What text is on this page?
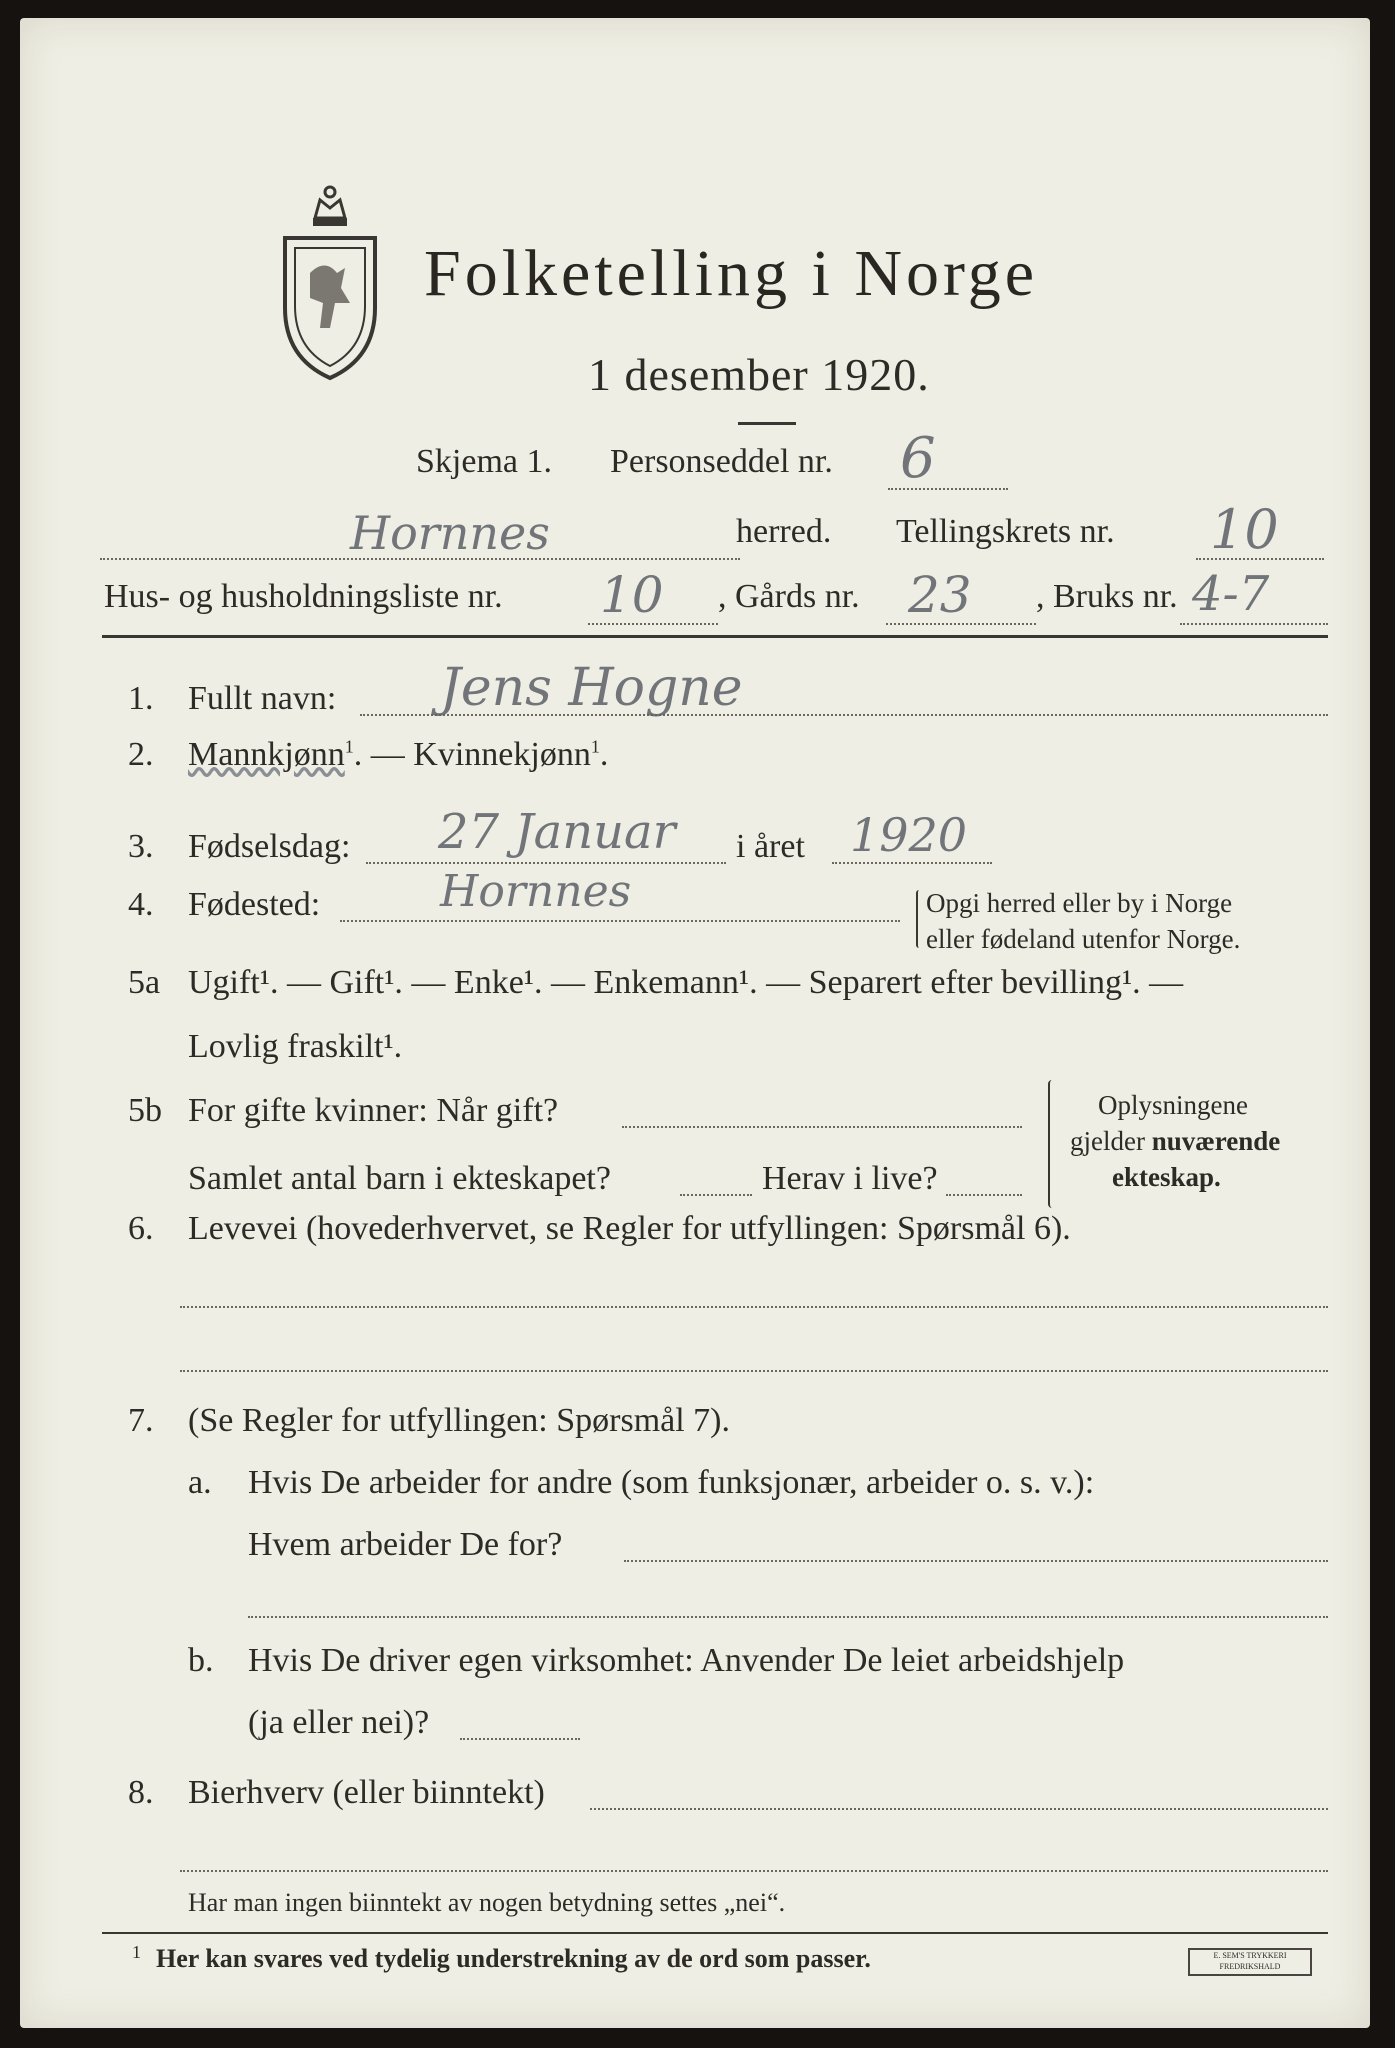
Folketelling i Norge
1 desember 1920.
Skjema 1. Personseddel nr. 6
Hornnes	herred. Tellingskrets nr. 10
Hus- og husholdningsliste nr. 10 , Gårds nr. 23 , Bruks nr. 4-7
1. Fullt navn: Jens Hogne
2. Mannkjønn$^1$. — Kvinnekjønn$^1$.
3. Fødselsdag: 27 Januar i året 1920
4. Fødested:	Hornnes	Opgi herred eller by i Norge
eller fødeland utenfor Norge.
5a Ugift¹. — Gift¹. — Enke¹. — Enkemann¹. — Separert efter bevilling¹. —
Lovlig fraskilt¹.
5b For gifte kvinner: Når gift?
Samlet antal barn i ekteskapet?	Herav i live?
Oplysningene
gjelder nuværende
ekteskap.
6. Levevei (hovederhvervet, se Regler for utfyllingen: Spørsmål 6).
7. (Se Regler for utfyllingen: Spørsmål 7).
a. Hvis De arbeider for andre (som funksjonær, arbeider o. s. v.):
Hvem arbeider De for?
b. Hvis De driver egen virksomhet: Anvender De leiet arbeidshjelp
(ja eller nei)?
8. Bierhverv (eller biinntekt)
Har man ingen biinntekt av nogen betydning settes „nei“.
1 Her kan svares ved tydelig understrekning av de ord som passer.	E. SEM'S TRYKKERI FREDRIKSHALD
